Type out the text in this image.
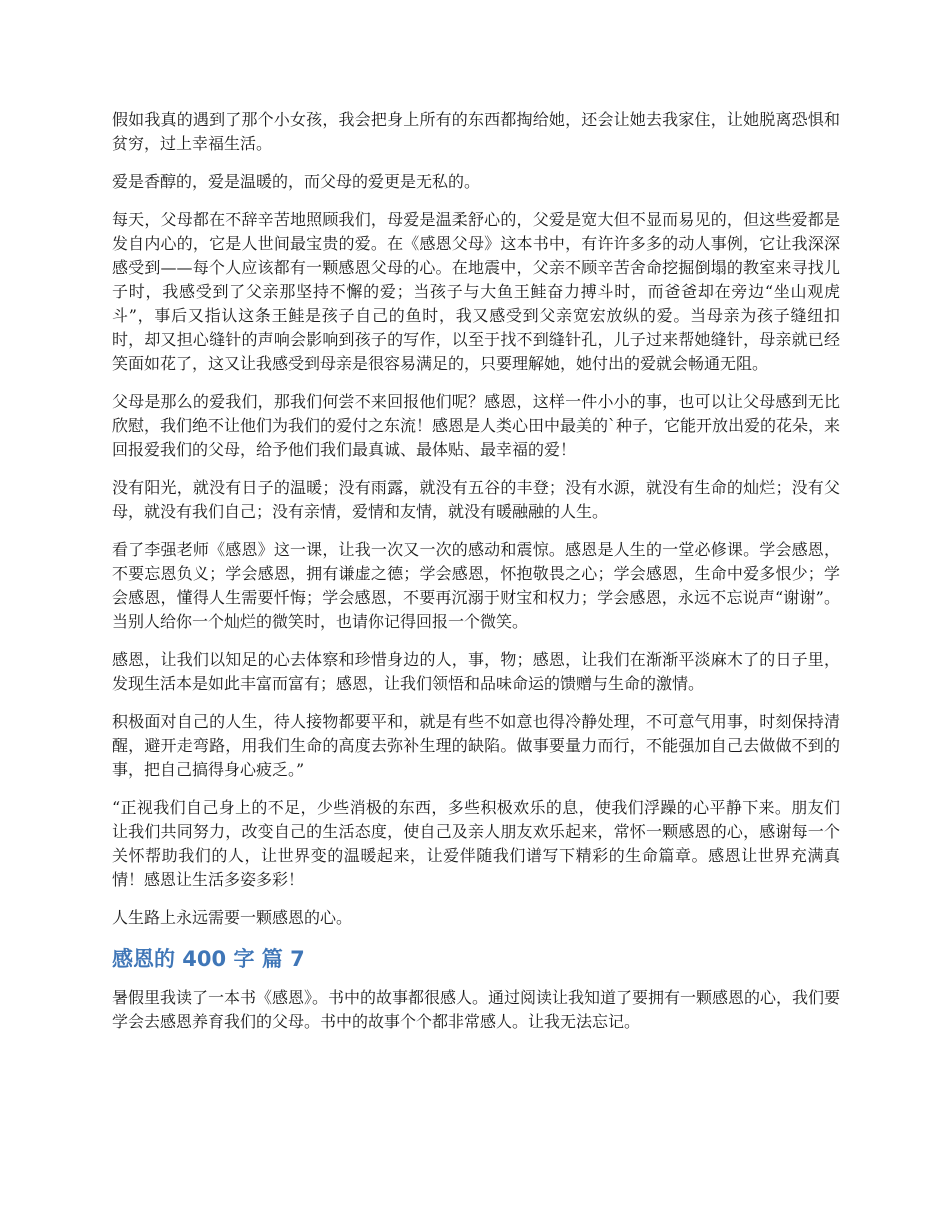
假如我真的遇到了那个小女孩，我会把身上所有的东西都掏给她，还会让她去我家住，让她脱离恐惧和贫穷，过上幸福生活。

爱是香醇的，爱是温暖的，而父母的爱更是无私的。

每天，父母都在不辞辛苦地照顾我们，母爱是温柔舒心的，父爱是宽大但不显而易见的，但这些爱都是发自内心的，它是人世间最宝贵的爱。在《感恩父母》这本书中，有许许多多的动人事例，它让我深深感受到——每个人应该都有一颗感恩父母的心。在地震中，父亲不顾辛苦舍命挖掘倒塌的教室来寻找儿子时，我感受到了父亲那坚持不懈的爱；当孩子与大鱼王鲑奋力搏斗时，而爸爸却在旁边“坐山观虎斗”，事后又指认这条王鲑是孩子自己的鱼时，我又感受到父亲宽宏放纵的爱。当母亲为孩子缝纽扣时，却又担心缝针的声响会影响到孩子的写作，以至于找不到缝针孔，儿子过来帮她缝针，母亲就已经笑面如花了，这又让我感受到母亲是很容易满足的，只要理解她，她付出的爱就会畅通无阻。

父母是那么的爱我们，那我们何尝不来回报他们呢？感恩，这样一件小小的事，也可以让父母感到无比欣慰，我们绝不让他们为我们的爱付之东流！感恩是人类心田中最美的`种子，它能开放出爱的花朵，来回报爱我们的父母，给予他们我们最真诚、最体贴、最幸福的爱！

没有阳光，就没有日子的温暖；没有雨露，就没有五谷的丰登；没有水源，就没有生命的灿烂；没有父母，就没有我们自己；没有亲情，爱情和友情，就没有暖融融的人生。

看了李强老师《感恩》这一课，让我一次又一次的感动和震惊。感恩是人生的一堂必修课。学会感恩，不要忘恩负义；学会感恩，拥有谦虚之德；学会感恩，怀抱敬畏之心；学会感恩，生命中爱多恨少；学会感恩，懂得人生需要忏悔；学会感恩，不要再沉溺于财宝和权力；学会感恩，永远不忘说声“谢谢”。当别人给你一个灿烂的微笑时，也请你记得回报一个微笑。

感恩，让我们以知足的心去体察和珍惜身边的人，事，物；感恩，让我们在渐渐平淡麻木了的日子里，发现生活本是如此丰富而富有；感恩，让我们领悟和品味命运的馈赠与生命的激情。

积极面对自己的人生，待人接物都要平和，就是有些不如意也得冷静处理，不可意气用事，时刻保持清醒，避开走弯路，用我们生命的高度去弥补生理的缺陷。做事要量力而行，不能强加自己去做做不到的事，把自己搞得身心疲乏。”

“正视我们自己身上的不足，少些消极的东西，多些积极欢乐的息，使我们浮躁的心平静下来。朋友们让我们共同努力，改变自己的生活态度，使自己及亲人朋友欢乐起来，常怀一颗感恩的心，感谢每一个关怀帮助我们的人，让世界变的温暖起来，让爱伴随我们谱写下精彩的生命篇章。感恩让世界充满真情！感恩让生活多姿多彩！

人生路上永远需要一颗感恩的心。

感恩的 400 字 篇 7

暑假里我读了一本书《感恩》。书中的故事都很感人。通过阅读让我知道了要拥有一颗感恩的心，我们要学会去感恩养育我们的父母。书中的故事个个都非常感人。让我无法忘记。
